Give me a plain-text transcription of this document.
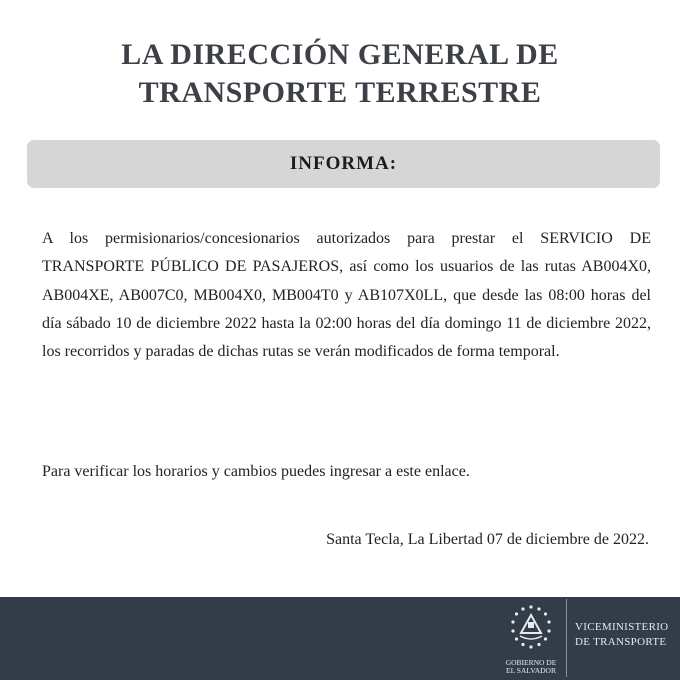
LA DIRECCIÓN GENERAL DE
TRANSPORTE TERRESTRE
INFORMA:

A los permisionarios/concesionarios autorizados para prestar el SERVICIO DE TRANSPORTE PÚBLICO DE PASAJEROS, así como los usuarios de las rutas AB004X0, AB004XE, AB007C0, MB004X0, MB004T0 y AB107X0LL, que desde las 08:00 horas del día sábado 10 de diciembre 2022 hasta la 02:00 horas del día domingo 11 de diciembre 2022, los recorridos y paradas de dichas rutas se verán modificados de forma temporal.

Para verificar los horarios y cambios puedes ingresar a este enlace.

Santa Tecla, La Libertad 07 de diciembre de 2022.

GOBIERNO DE
EL SALVADOR
VICEMINISTERIO
DE TRANSPORTE
